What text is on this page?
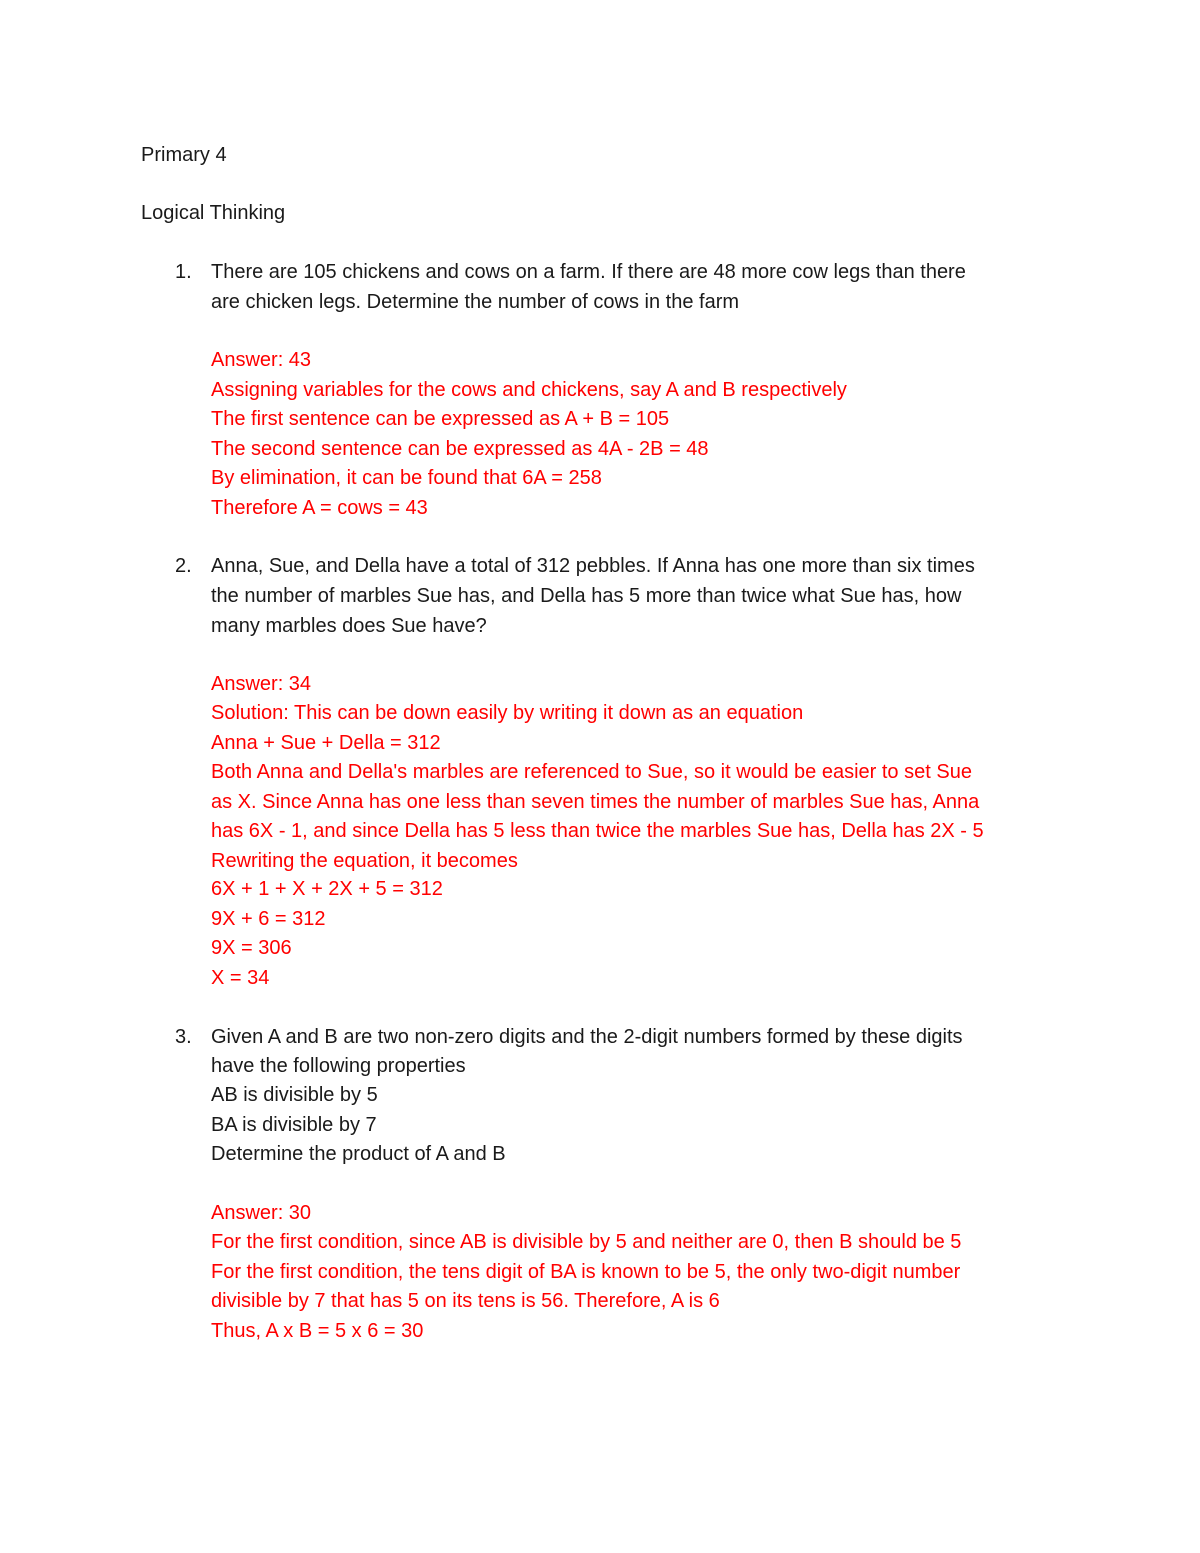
Primary 4
Logical Thinking
1. There are 105 chickens and cows on a farm. If there are 48 more cow legs than there
are chicken legs. Determine the number of cows in the farm
Answer: 43
Assigning variables for the cows and chickens, say A and B respectively
The first sentence can be expressed as A + B = 105
The second sentence can be expressed as 4A - 2B = 48
By elimination, it can be found that 6A = 258
Therefore A = cows = 43
2. Anna, Sue, and Della have a total of 312 pebbles. If Anna has one more than six times
the number of marbles Sue has, and Della has 5 more than twice what Sue has, how
many marbles does Sue have?
Answer: 34
Solution: This can be down easily by writing it down as an equation
Anna + Sue + Della = 312
Both Anna and Della's marbles are referenced to Sue, so it would be easier to set Sue
as X. Since Anna has one less than seven times the number of marbles Sue has, Anna
has 6X - 1, and since Della has 5 less than twice the marbles Sue has, Della has 2X - 5
Rewriting the equation, it becomes
6X + 1 + X + 2X + 5 = 312
9X + 6 = 312
9X = 306
X = 34
3. Given A and B are two non-zero digits and the 2-digit numbers formed by these digits
have the following properties
AB is divisible by 5
BA is divisible by 7
Determine the product of A and B
Answer: 30
For the first condition, since AB is divisible by 5 and neither are 0, then B should be 5
For the first condition, the tens digit of BA is known to be 5, the only two-digit number
divisible by 7 that has 5 on its tens is 56. Therefore, A is 6
Thus, A x B = 5 x 6 = 30
